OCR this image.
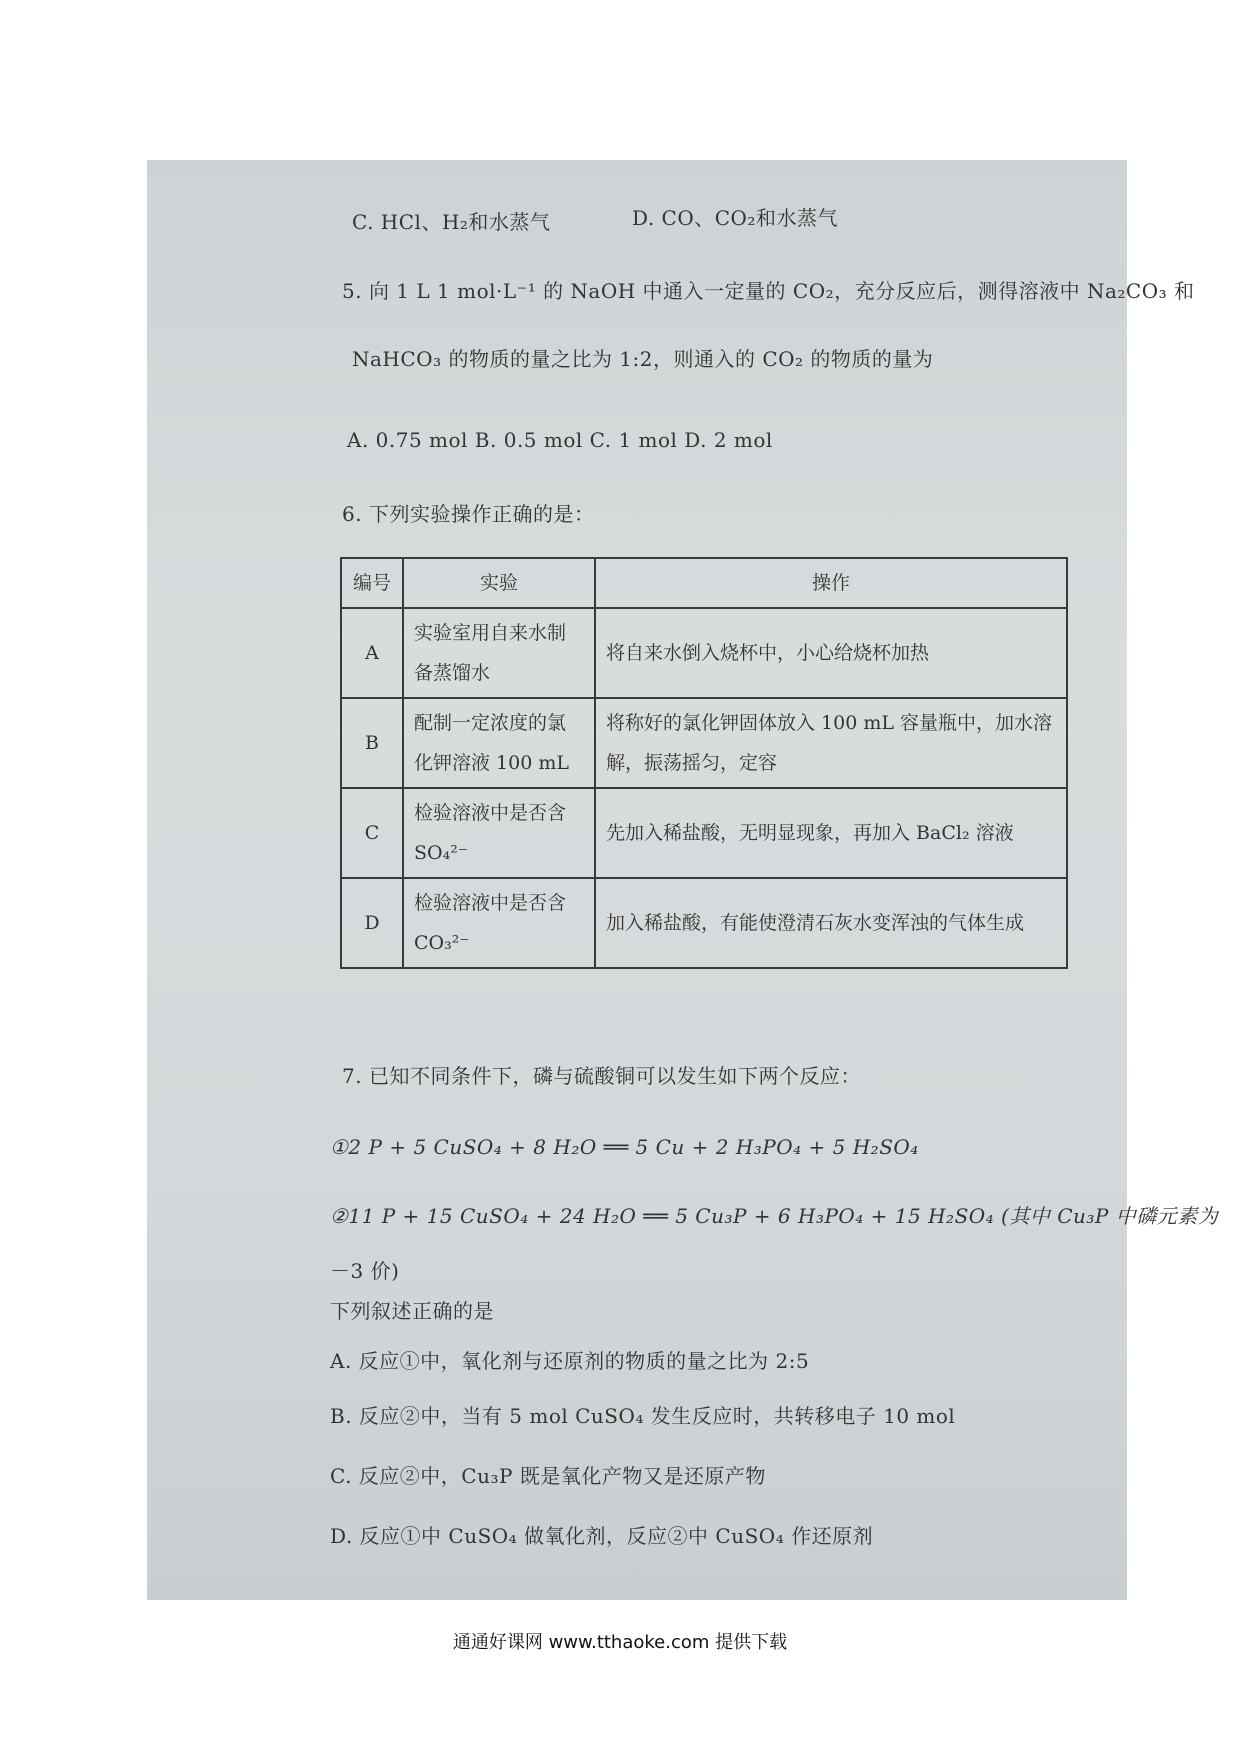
C. HCl、H₂和水蒸气	D. CO、CO₂和水蒸气
5. 向 1 L 1 mol·L⁻¹ 的 NaOH 中通入一定量的 CO₂，充分反应后，测得溶液中 Na₂CO₃ 和
NaHCO₃ 的物质的量之比为 1:2，则通入的 CO₂ 的物质的量为
A. 0.75 mol B. 0.5 mol C. 1 mol D. 2 mol
6. 下列实验操作正确的是：
编号	实验	操作
A	实验室用自来水制备蒸馏水	将自来水倒入烧杯中，小心给烧杯加热
B	配制一定浓度的氯化钾溶液 100 mL	将称好的氯化钾固体放入 100 mL 容量瓶中，加水溶解，振荡摇匀，定容
C	检验溶液中是否含 SO₄²⁻	先加入稀盐酸，无明显现象，再加入 BaCl₂ 溶液
D	检验溶液中是否含 CO₃²⁻	加入稀盐酸，有能使澄清石灰水变浑浊的气体生成
7. 已知不同条件下，磷与硫酸铜可以发生如下两个反应：
①2 P + 5 CuSO₄ + 8 H₂O ══ 5 Cu + 2 H₃PO₄ + 5 H₂SO₄
②11 P + 15 CuSO₄ + 24 H₂O ══ 5 Cu₃P + 6 H₃PO₄ + 15 H₂SO₄ (其中 Cu₃P 中磷元素为
－3 价)
下列叙述正确的是
A. 反应①中，氧化剂与还原剂的物质的量之比为 2:5
B. 反应②中，当有 5 mol CuSO₄ 发生反应时，共转移电子 10 mol
C. 反应②中，Cu₃P 既是氧化产物又是还原产物
D. 反应①中 CuSO₄ 做氧化剂，反应②中 CuSO₄ 作还原剂
通通好课网 www.tthaoke.com 提供下载
